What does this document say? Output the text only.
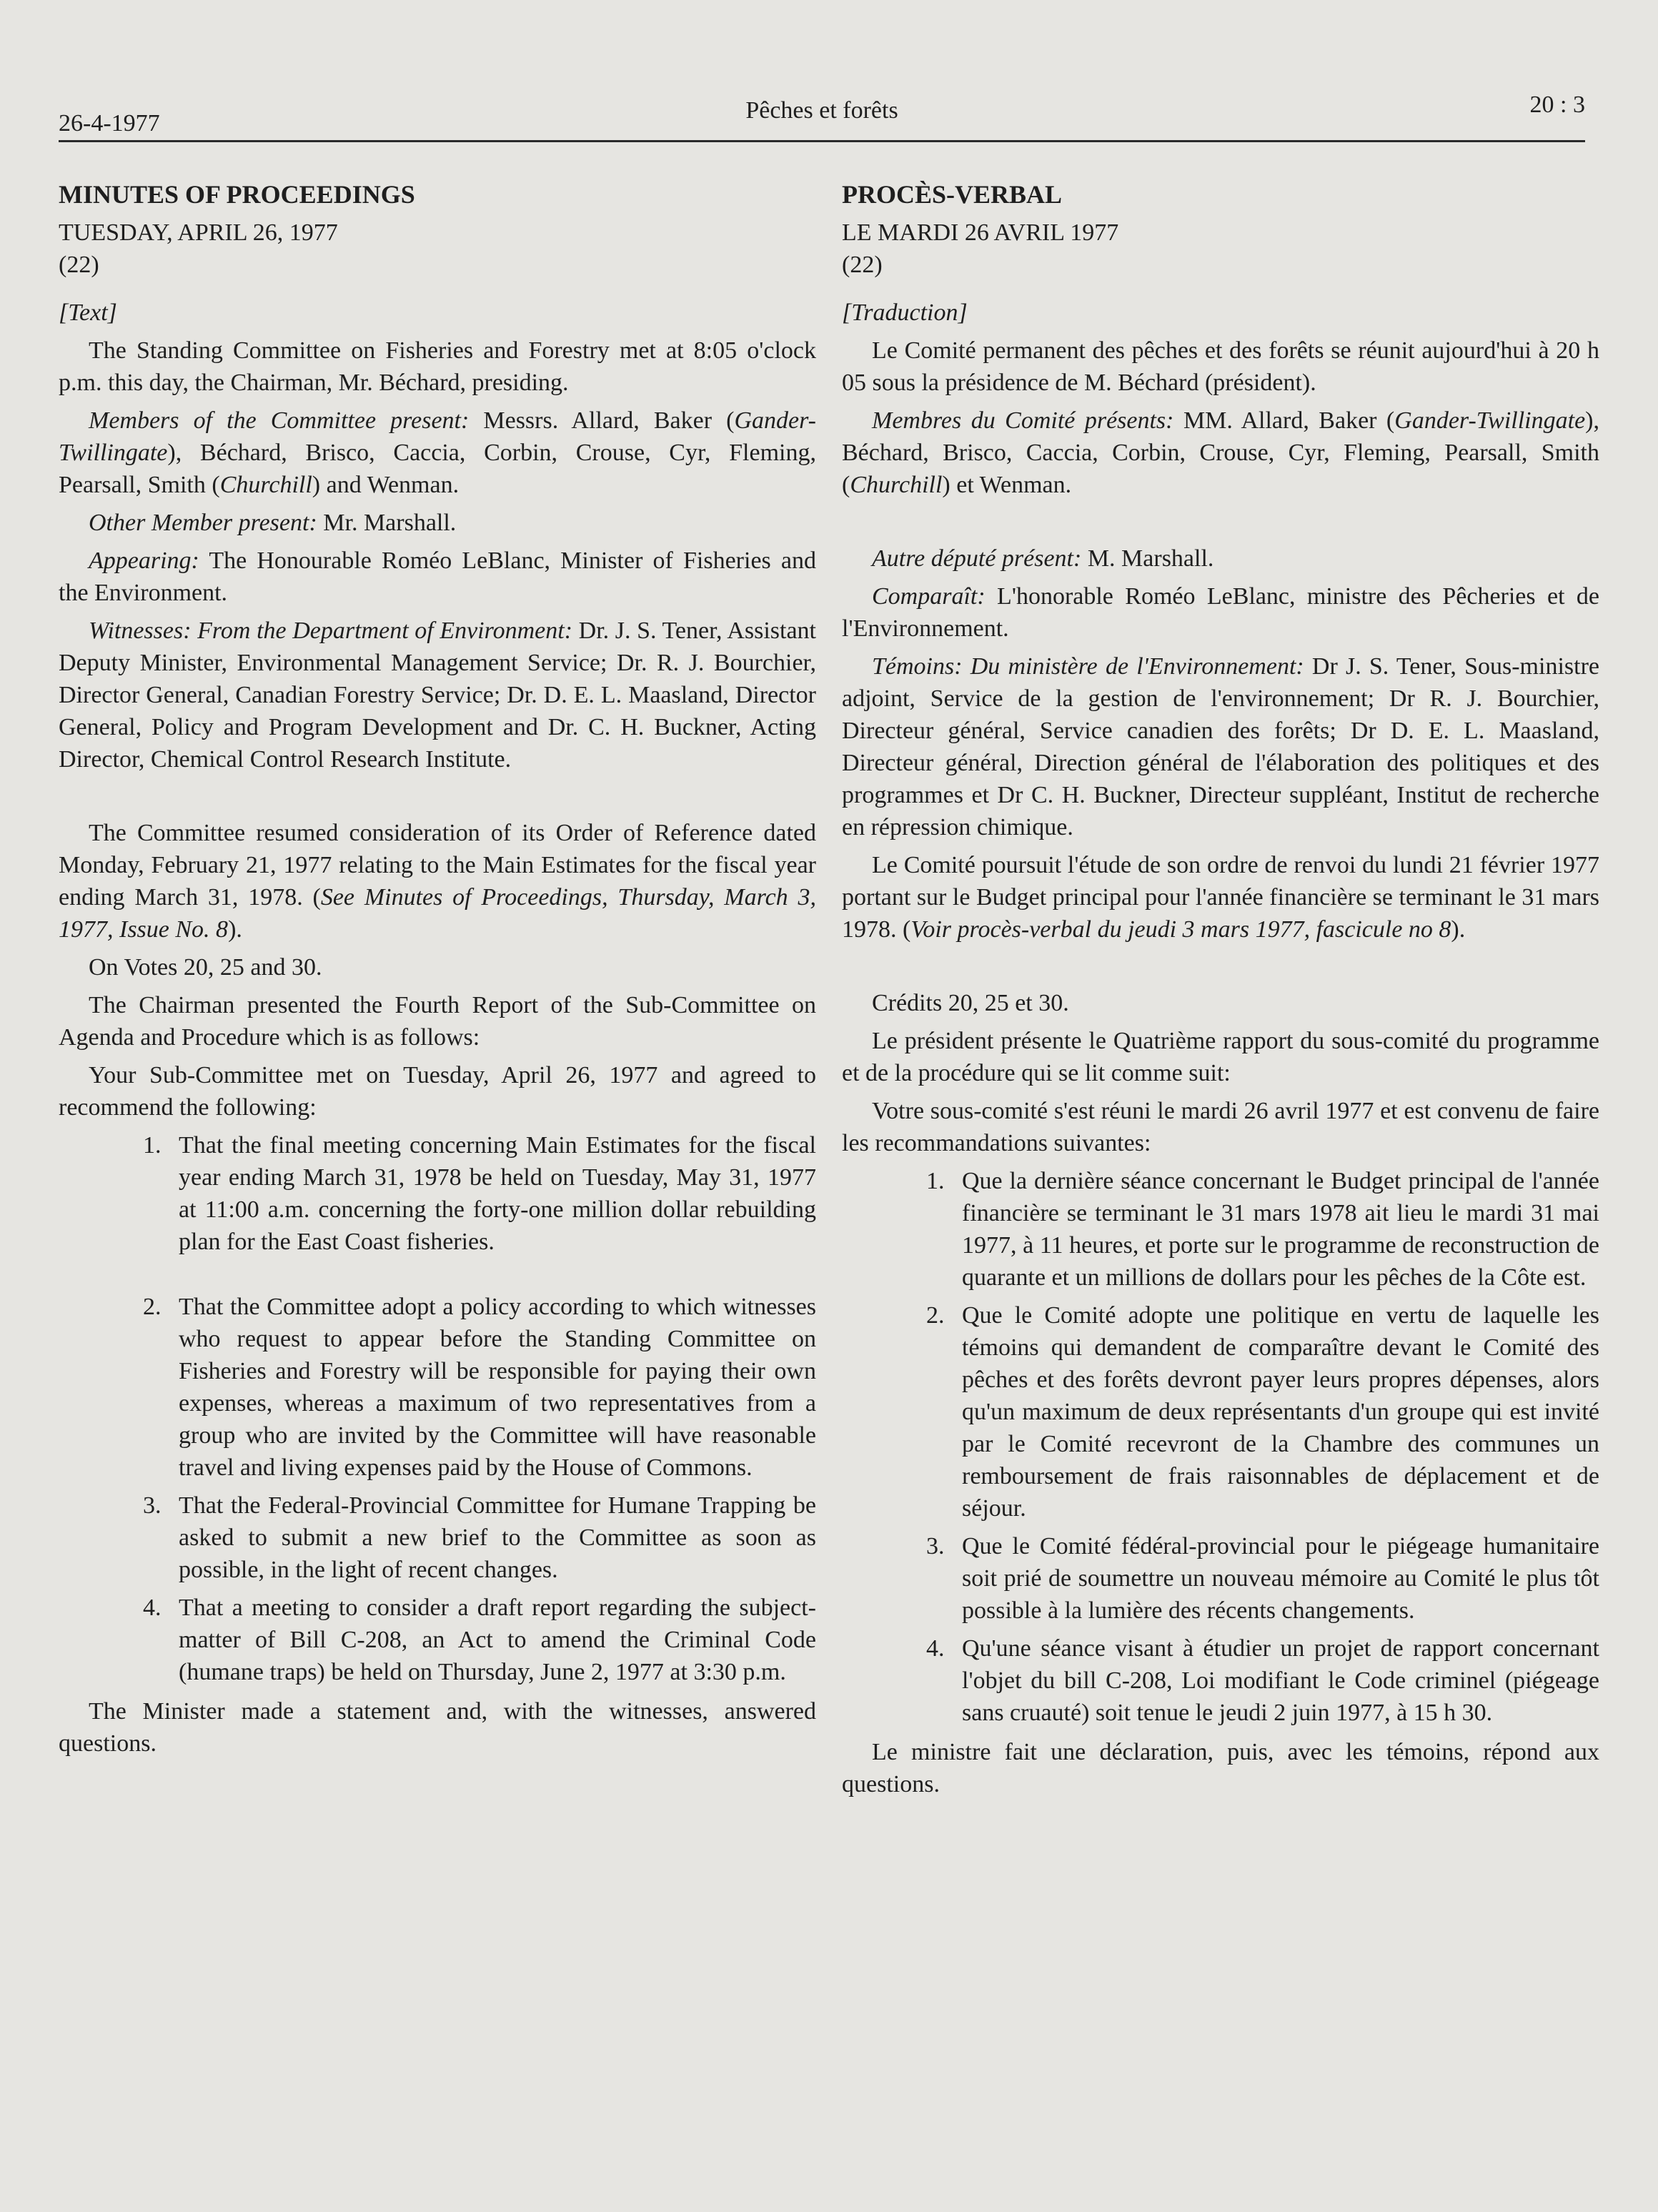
26-4-1977	Pêches et forêts	20 : 3

MINUTES OF PROCEEDINGS

TUESDAY, APRIL 26, 1977
(22)

[Text]

The Standing Committee on Fisheries and Forestry met at 8:05 o'clock p.m. this day, the Chairman, Mr. Béchard, presiding.

Members of the Committee present: Messrs. Allard, Baker (Gander-Twillingate), Béchard, Brisco, Caccia, Corbin, Crouse, Cyr, Fleming, Pearsall, Smith (Churchill) and Wenman.

Other Member present: Mr. Marshall.

Appearing: The Honourable Roméo LeBlanc, Minister of Fisheries and the Environment.

Witnesses: From the Department of Environment: Dr. J. S. Tener, Assistant Deputy Minister, Environmental Management Service; Dr. R. J. Bourchier, Director General, Canadian Forestry Service; Dr. D. E. L. Maasland, Director General, Policy and Program Development and Dr. C. H. Buckner, Acting Director, Chemical Control Research Institute.

The Committee resumed consideration of its Order of Reference dated Monday, February 21, 1977 relating to the Main Estimates for the fiscal year ending March 31, 1978. (See Minutes of Proceedings, Thursday, March 3, 1977, Issue No. 8).

On Votes 20, 25 and 30.

The Chairman presented the Fourth Report of the Sub-Committee on Agenda and Procedure which is as follows:

Your Sub-Committee met on Tuesday, April 26, 1977 and agreed to recommend the following:

1. That the final meeting concerning Main Estimates for the fiscal year ending March 31, 1978 be held on Tuesday, May 31, 1977 at 11:00 a.m. concerning the forty-one million dollar rebuilding plan for the East Coast fisheries.
2. That the Committee adopt a policy according to which witnesses who request to appear before the Standing Committee on Fisheries and Forestry will be responsible for paying their own expenses, whereas a maximum of two representatives from a group who are invited by the Committee will have reasonable travel and living expenses paid by the House of Commons.
3. That the Federal-Provincial Committee for Humane Trapping be asked to submit a new brief to the Committee as soon as possible, in the light of recent changes.
4. That a meeting to consider a draft report regarding the subject-matter of Bill C-208, an Act to amend the Criminal Code (humane traps) be held on Thursday, June 2, 1977 at 3:30 p.m.

The Minister made a statement and, with the witnesses, answered questions.

PROCÈS-VERBAL

LE MARDI 26 AVRIL 1977
(22)

[Traduction]

Le Comité permanent des pêches et des forêts se réunit aujourd'hui à 20 h 05 sous la présidence de M. Béchard (président).

Membres du Comité présents: MM. Allard, Baker (Gander-Twillingate), Béchard, Brisco, Caccia, Corbin, Crouse, Cyr, Fleming, Pearsall, Smith (Churchill) et Wenman.

Autre député présent: M. Marshall.

Comparaît: L'honorable Roméo LeBlanc, ministre des Pêcheries et de l'Environnement.

Témoins: Du ministère de l'Environnement: Dr J. S. Tener, Sous-ministre adjoint, Service de la gestion de l'environnement; Dr R. J. Bourchier, Directeur général, Service canadien des forêts; Dr D. E. L. Maasland, Directeur général, Direction général de l'élaboration des politiques et des programmes et Dr C. H. Buckner, Directeur suppléant, Institut de recherche en répression chimique.

Le Comité poursuit l'étude de son ordre de renvoi du lundi 21 février 1977 portant sur le Budget principal pour l'année financière se terminant le 31 mars 1978. (Voir procès-verbal du jeudi 3 mars 1977, fascicule no 8).

Crédits 20, 25 et 30.

Le président présente le Quatrième rapport du sous-comité du programme et de la procédure qui se lit comme suit:

Votre sous-comité s'est réuni le mardi 26 avril 1977 et est convenu de faire les recommandations suivantes:

1. Que la dernière séance concernant le Budget principal de l'année financière se terminant le 31 mars 1978 ait lieu le mardi 31 mai 1977, à 11 heures, et porte sur le programme de reconstruction de quarante et un millions de dollars pour les pêches de la Côte est.
2. Que le Comité adopte une politique en vertu de laquelle les témoins qui demandent de comparaître devant le Comité des pêches et des forêts devront payer leurs propres dépenses, alors qu'un maximum de deux représentants d'un groupe qui est invité par le Comité recevront de la Chambre des communes un remboursement de frais raisonnables de déplacement et de séjour.
3. Que le Comité fédéral-provincial pour le piégeage humanitaire soit prié de soumettre un nouveau mémoire au Comité le plus tôt possible à la lumière des récents changements.
4. Qu'une séance visant à étudier un projet de rapport concernant l'objet du bill C-208, Loi modifiant le Code criminel (piégeage sans cruauté) soit tenue le jeudi 2 juin 1977, à 15 h 30.

Le ministre fait une déclaration, puis, avec les témoins, répond aux questions.
